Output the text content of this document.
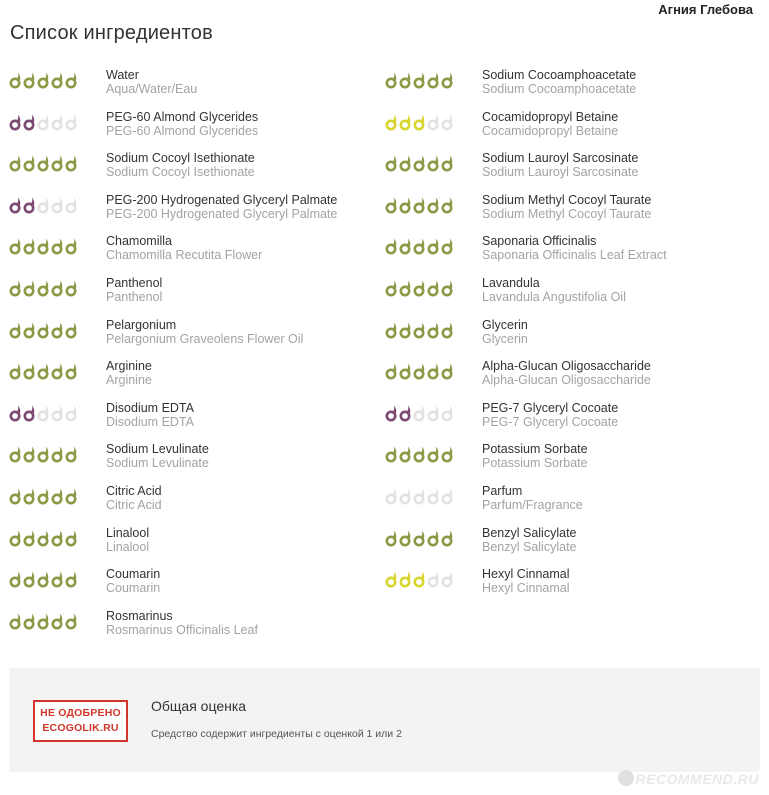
Агния Глебова
Список ингредиентов
Water
Aqua/Water/Eau
PEG-60 Almond Glycerides
PEG-60 Almond Glycerides
Sodium Cocoyl Isethionate
Sodium Cocoyl Isethionate
PEG-200 Hydrogenated Glyceryl Palmate
PEG-200 Hydrogenated Glyceryl Palmate
Chamomilla
Chamomilla Recutita Flower
Panthenol
Panthenol
Pelargonium
Pelargonium Graveolens Flower Oil
Arginine
Arginine
Disodium EDTA
Disodium EDTA
Sodium Levulinate
Sodium Levulinate
Citric Acid
Citric Acid
Linalool
Linalool
Coumarin
Coumarin
Rosmarinus
Rosmarinus Officinalis Leaf
Sodium Cocoamphoacetate
Sodium Cocoamphoacetate
Cocamidopropyl Betaine
Cocamidopropyl Betaine
Sodium Lauroyl Sarcosinate
Sodium Lauroyl Sarcosinate
Sodium Methyl Cocoyl Taurate
Sodium Methyl Cocoyl Taurate
Saponaria Officinalis
Saponaria Officinalis Leaf Extract
Lavandula
Lavandula Angustifolia Oil
Glycerin
Glycerin
Alpha-Glucan Oligosaccharide
Alpha-Glucan Oligosaccharide
PEG-7 Glyceryl Cocoate
PEG-7 Glyceryl Cocoate
Potassium Sorbate
Potassium Sorbate
Parfum
Parfum/Fragrance
Benzyl Salicylate
Benzyl Salicylate
Hexyl Cinnamal
Hexyl Cinnamal
НЕ ОДОБРЕНО
ECOGOLIK.RU
Общая оценка
Средство содержит ингредиенты с оценкой 1 или 2
RECOMMEND.RU
